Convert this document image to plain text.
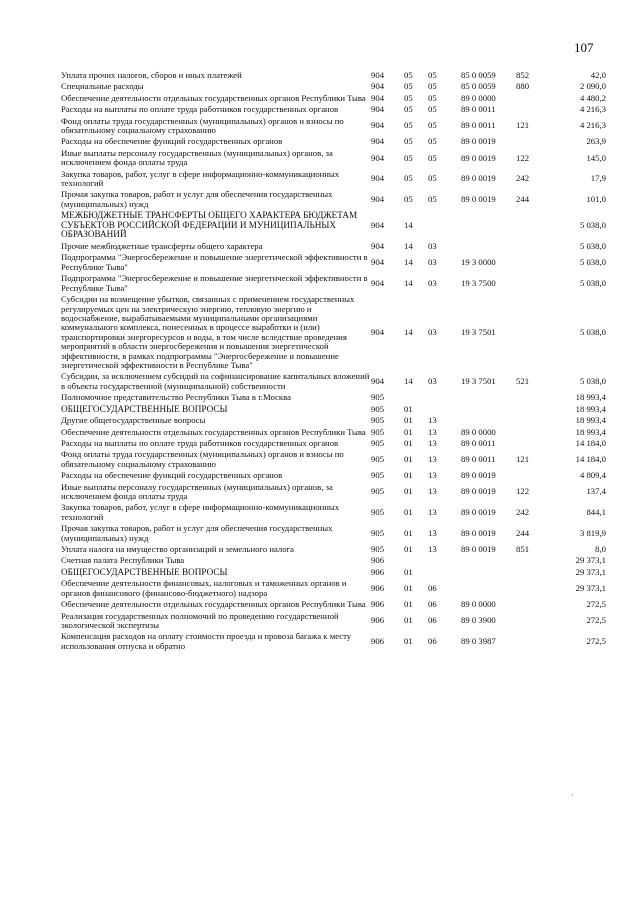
107
Уплата прочих налогов, сборов и иных платежей	904	05	05	85 0 0059	852	42,0
Специальные расходы	904	05	05	85 0 0059	880	2 090,0
Обеспечение деятельности отдельных государственных органов Республики Тыва	904	05	05	89 0 0000		4 480,2
Расходы на выплаты по оплате труда работников государственных органов	904	05	05	89 0 0011		4 216,3
Фонд оплаты труда государственных (муниципальных) органов и взносы по обязательному социальному страхованию	904	05	05	89 0 0011	121	4 216,3
Расходы на обеспечение функций государственных органов	904	05	05	89 0 0019		263,9
Иные выплаты персоналу государственных (муниципальных) органов, за исключением фонда оплаты труда	904	05	05	89 0 0019	122	145,0
Закупка товаров, работ, услуг в сфере информационно-коммуникационных технологий	904	05	05	89 0 0019	242	17,9
Прочая закупка товаров, работ и услуг для обеспечения государственных (муниципальных) нужд	904	05	05	89 0 0019	244	101,0
МЕЖБЮДЖЕТНЫЕ ТРАНСФЕРТЫ ОБЩЕГО ХАРАКТЕРА БЮДЖЕТАМ СУБЪЕКТОВ РОССИЙСКОЙ ФЕДЕРАЦИИ И МУНИЦИПАЛЬНЫХ ОБРАЗОВАНИЙ	904	14				5 038,0
Прочие межбюджетные трансферты общего характера	904	14	03			5 038,0
Подпрограмма "Энергосбережение и повышение энергетической эффективности в Республике Тыва"	904	14	03	19 3 0000		5 038,0
Подпрограмма "Энергосбережение и повышение энергетической эффективности в Республике Тыва"	904	14	03	19 3 7500		5 038,0
Субсидии на возмещение убытков, связанных с применением государственных регулируемых цен на электрическую энергию, тепловую энергию и водоснабжение, вырабатываемыми муниципальными организациями коммунального комплекса, понесенных в процессе выработки и (или) транспортировки энергоресурсов и воды, в том числе вследствие проведения мероприятий в области энергосбережения и повышения энергетической эффективности, в рамках подпрограммы "Энергосбережение и повышение энергетической эффективности в Республике Тыва"	904	14	03	19 3 7501		5 038,0
Субсидии, за исключением субсидий на софинансирование капитальных вложений в объекты государственной (муниципальной) собственности	904	14	03	19 3 7501	521	5 038,0
Полномочное представительство Республики Тыва в г.Москва	905					18 993,4
ОБЩЕГОСУДАРСТВЕННЫЕ ВОПРОСЫ	905	01				18 993,4
Другие общегосударственные вопросы	905	01	13			18 993,4
Обеспечение деятельности отдельных государственных органов Республики Тыва	905	01	13	89 0 0000		18 993,4
Расходы на выплаты по оплате труда работников государственных органов	905	01	13	89 0 0011		14 184,0
Фонд оплаты труда государственных (муниципальных) органов и взносы по обязательному социальному страхованию	905	01	13	89 0 0011	121	14 184,0
Расходы на обеспечение функций государственных органов	905	01	13	89 0 0019		4 809,4
Иные выплаты персоналу государственных (муниципальных) органов, за исключением фонда оплаты труда	905	01	13	89 0 0019	122	137,4
Закупка товаров, работ, услуг в сфере информационно-коммуникационных технологий	905	01	13	89 0 0019	242	844,1
Прочая закупка товаров, работ и услуг для обеспечения государственных (муниципальных) нужд	905	01	13	89 0 0019	244	3 819,9
Уплата налога на имущество организаций и земельного налога	905	01	13	89 0 0019	851	8,0
Счетная палата Республики Тыва	906					29 373,1
ОБЩЕГОСУДАРСТВЕННЫЕ ВОПРОСЫ	906	01				29 373,1
Обеспечение деятельности финансовых, налоговых и таможенных органов и органов финансового (финансово-бюджетного) надзора	906	01	06			29 373,1
Обеспечение деятельности отдельных государственных органов Республики Тыва	906	01	06	89 0 0000		272,5
Реализация государственных полномочий по проведению государственной экологической экспертизы	906	01	06	89 0 3900		272,5
Компенсация расходов на оплату стоимости проезда и провоза багажа к месту использования отпуска и обратно	906	01	06	89 0 3987		272,5
˙
